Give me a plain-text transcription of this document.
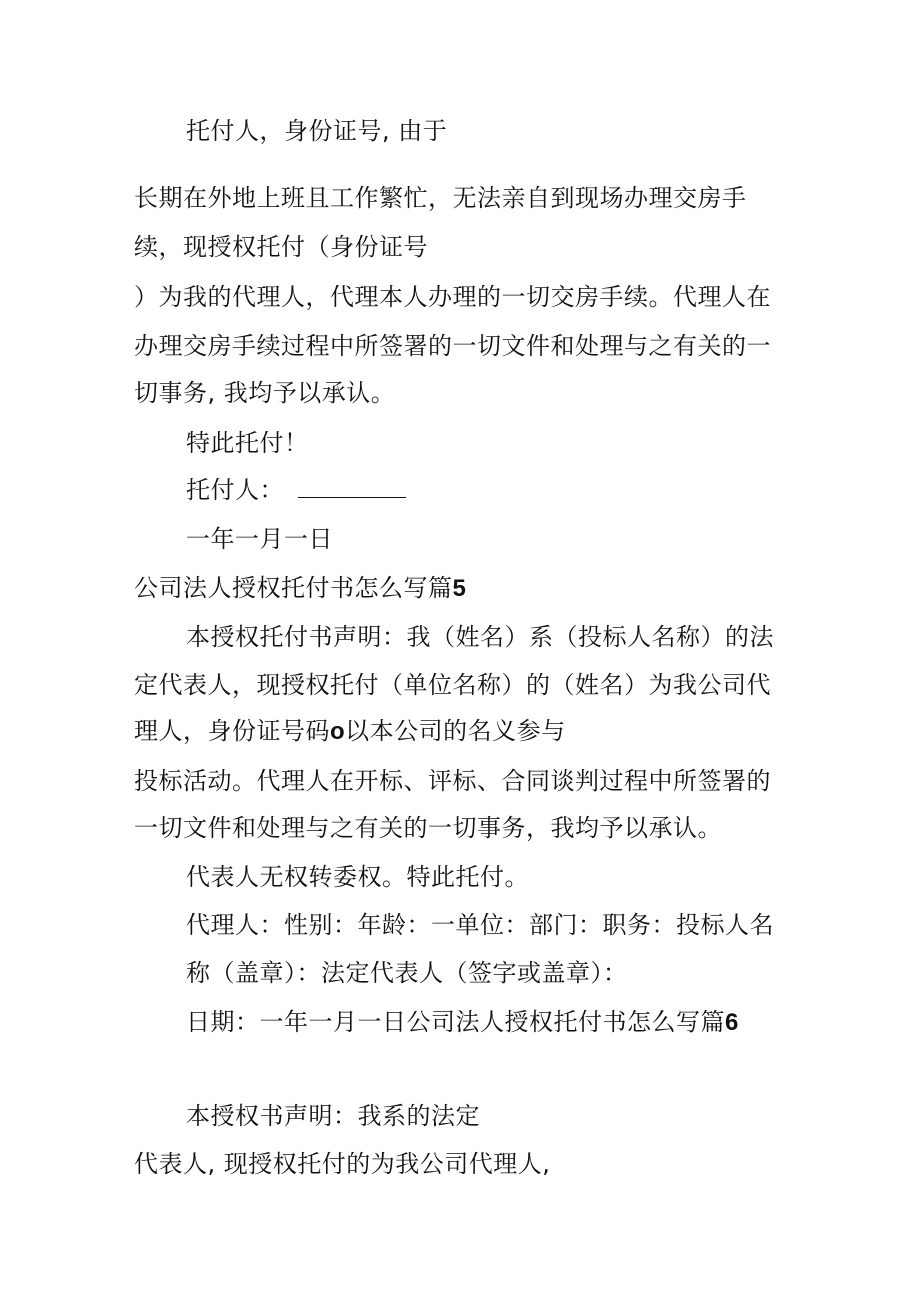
托付人，身份证号, 由于
长期在外地上班且工作繁忙，无法亲自到现场办理交房手
续，现授权托付（身份证号
）为我的代理人，代理本人办理的一切交房手续。代理人在
办理交房手续过程中所签署的一切文件和处理与之有关的一
切事务, 我均予以承认。
特此托付！
托付人：
一年一月一日
公司法人授权托付书怎么写篇5
本授权托付书声明：我（姓名）系（投标人名称）的法
定代表人，现授权托付（单位名称）的（姓名）为我公司代
理人，身份证号码o以本公司的名义参与
投标活动。代理人在开标、评标、合同谈判过程中所签署的
一切文件和处理与之有关的一切事务，我均予以承认。
代表人无权转委权。特此托付。
代理人：性别：年龄：一单位：部门：职务：投标人名
称（盖章）：法定代表人（签字或盖章）：
日期：一年一月一日公司法人授权托付书怎么写篇6
本授权书声明：我系的法定
代表人, 现授权托付的为我公司代理人,
